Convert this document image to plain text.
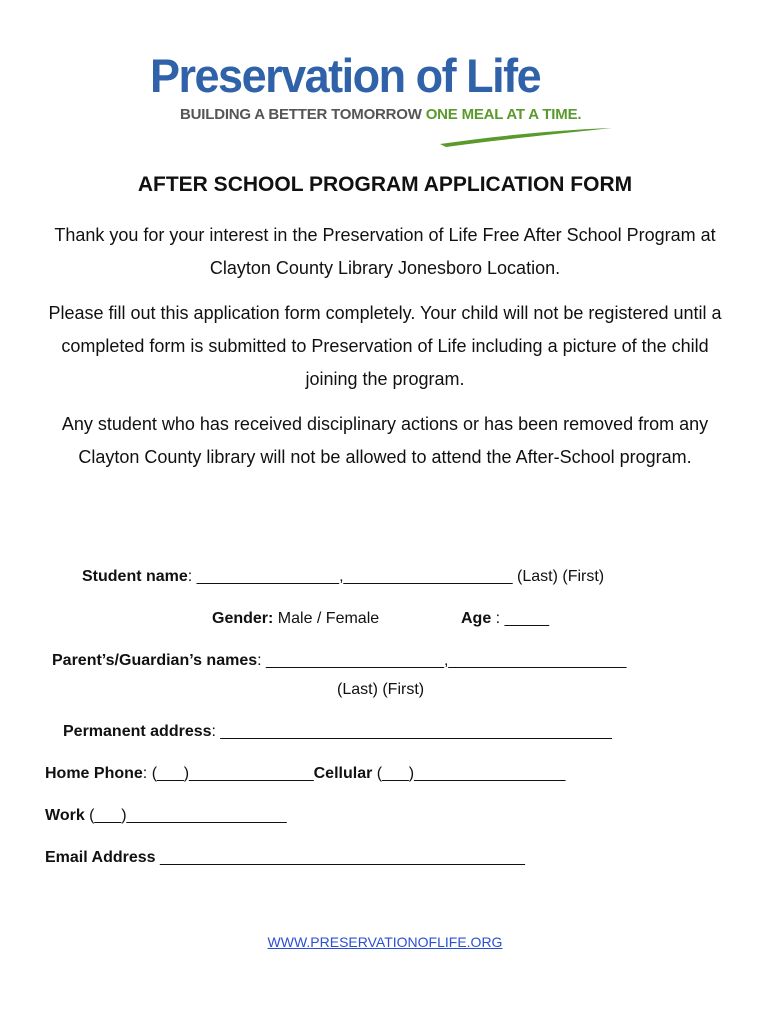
Preservation of Life
BUILDING A BETTER TOMORROW ONE MEAL AT A TIME.
AFTER SCHOOL PROGRAM APPLICATION FORM

Thank you for your interest in the Preservation of Life Free After School Program at Clayton County Library Jonesboro Location.

Please fill out this application form completely. Your child will not be registered until a completed form is submitted to Preservation of Life including a picture of the child joining the program.

Any student who has received disciplinary actions or has been removed from any Clayton County library will not be allowed to attend the After-School program.

Student name: ________________,___________________ (Last) (First)

Gender: Male / Female	Age : _____

Parent’s/Guardian’s names: ____________________,____________________

(Last) (First)

Permanent address: ____________________________________________

Home Phone: (___)______________Cellular (___)_________________

Work (___)__________________

Email Address _________________________________________

WWW.PRESERVATIONOFLIFE.ORG
